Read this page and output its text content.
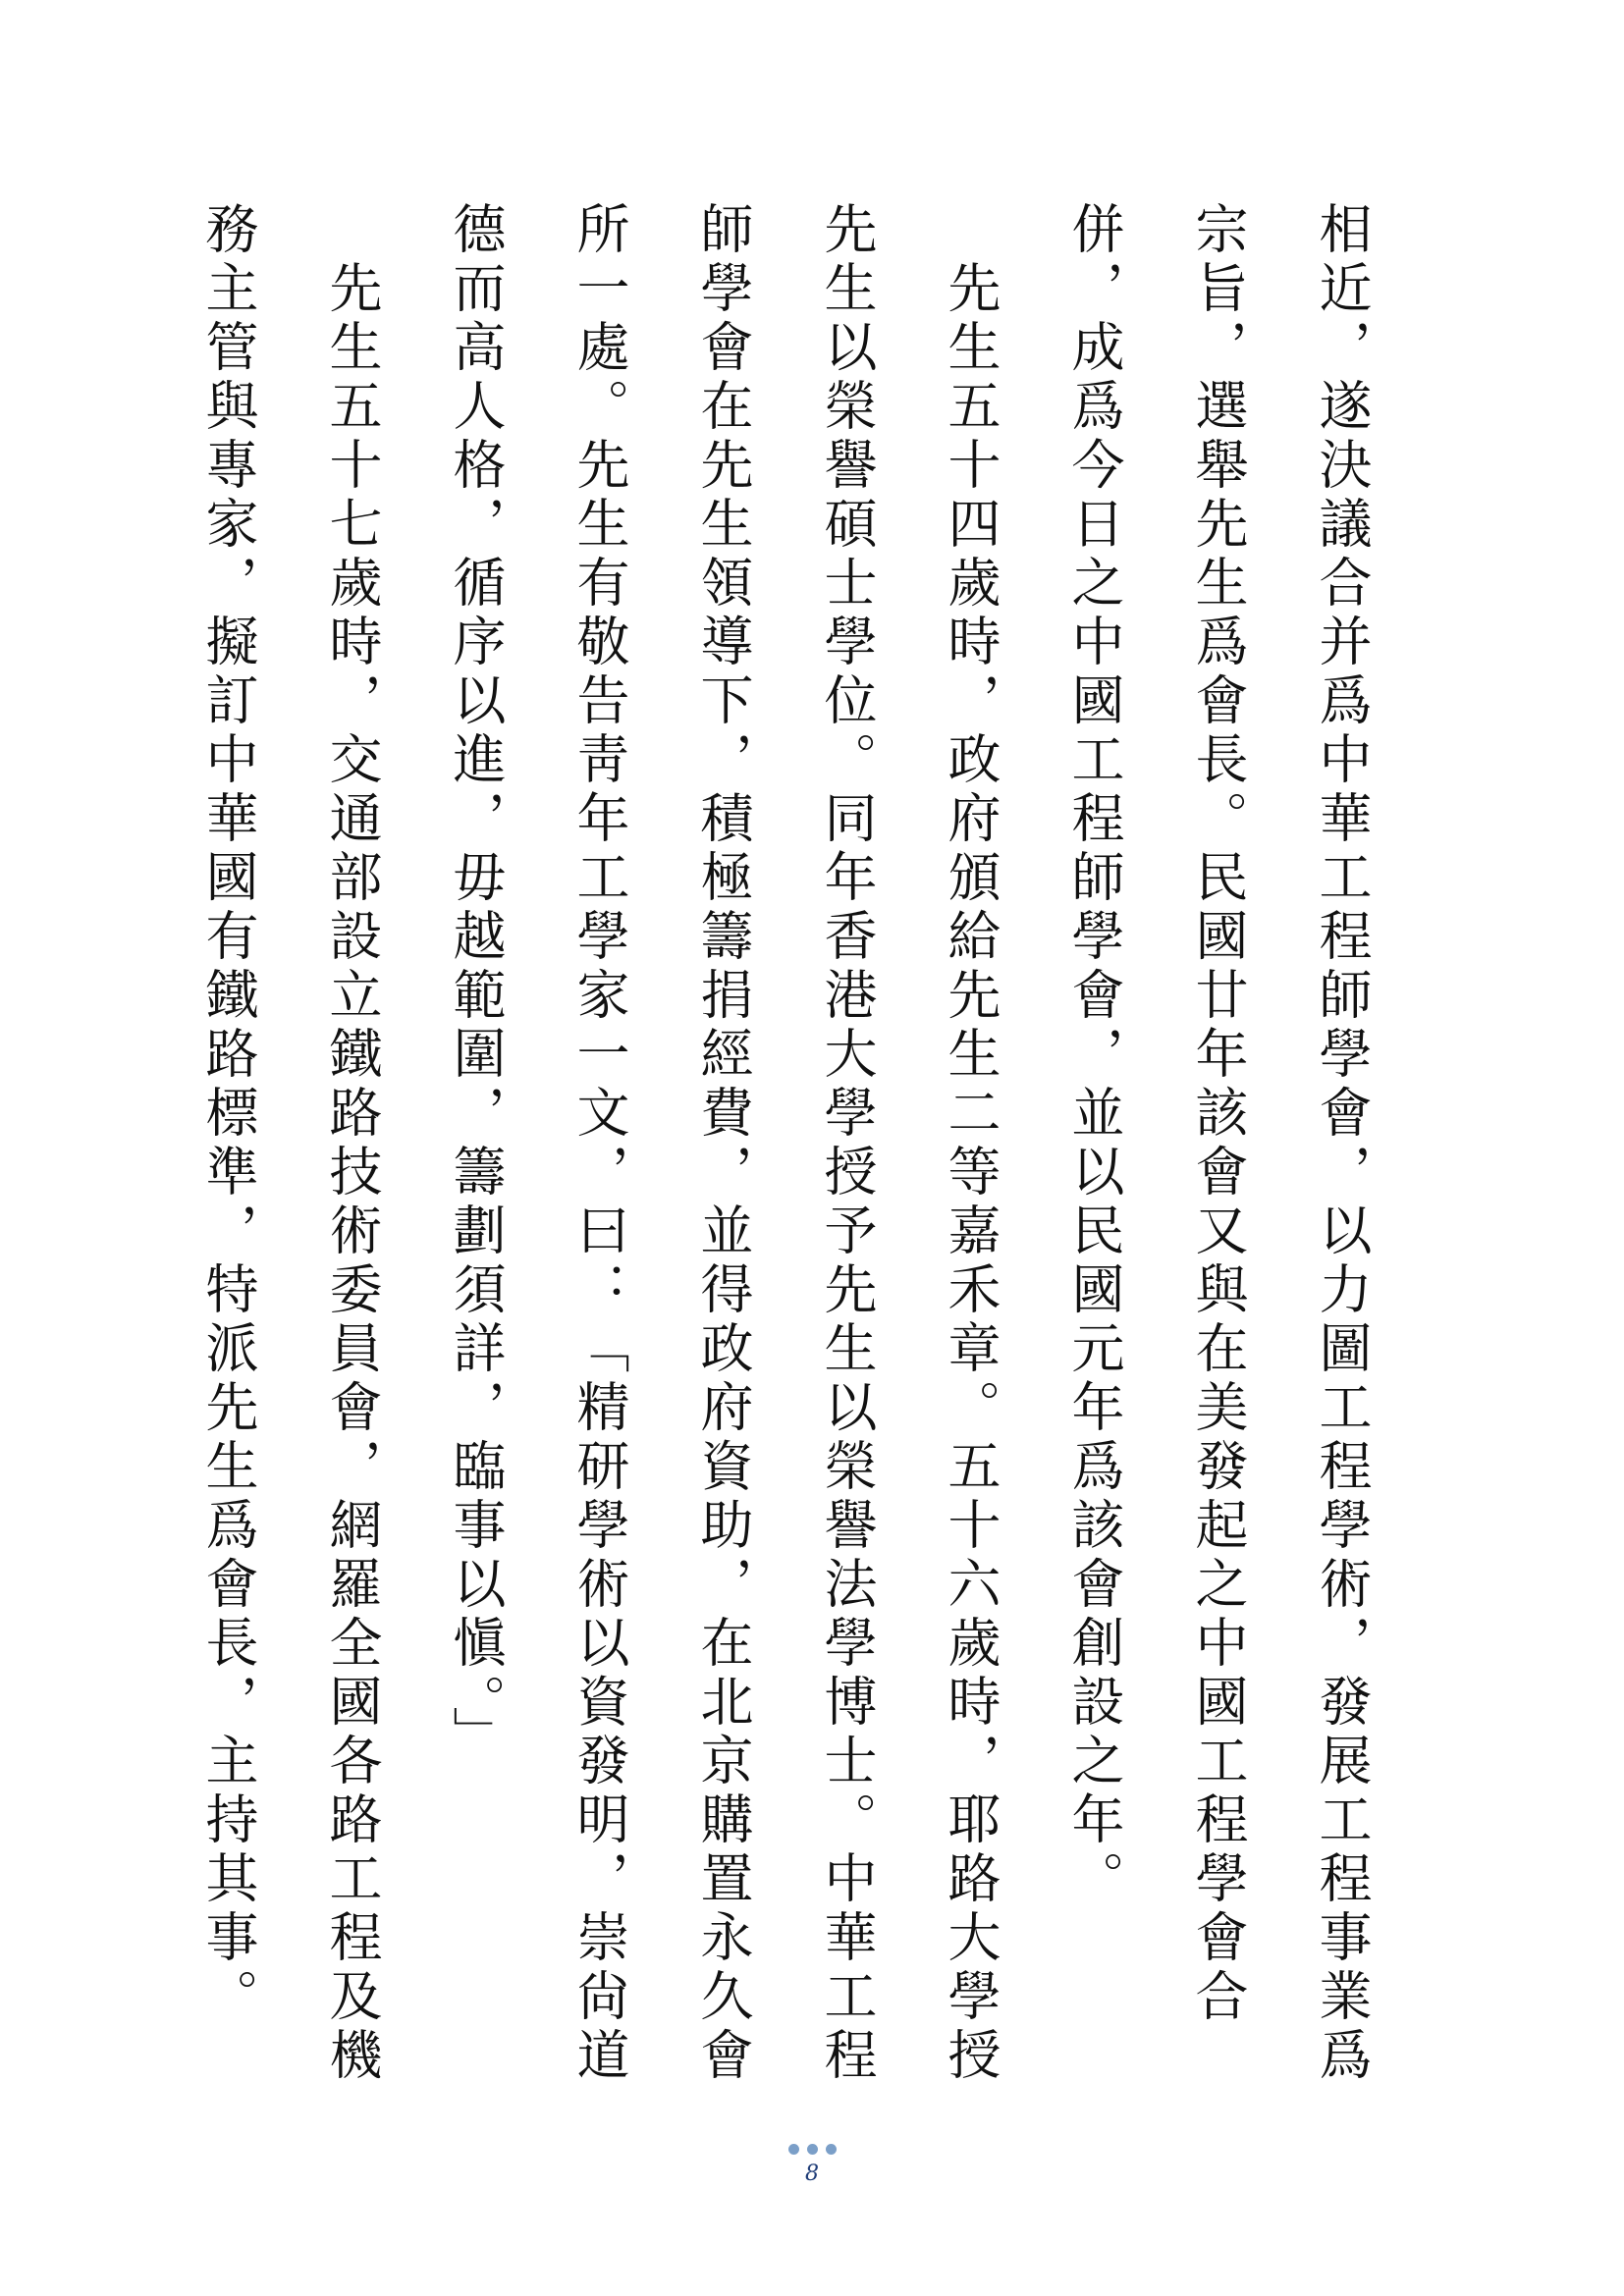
相近，遂決議合并爲中華工程師學會，以力圖工程學術，發展工程事業爲宗旨，選舉先生爲會長。民國廿年該會又與在美發起之中國工程學會合併，成爲今日之中國工程師學會，並以民國元年爲該會創設之年。

　先生五十四歲時，政府頒給先生二等嘉禾章。五十六歲時，耶路大學授先生以榮譽碩士學位。同年香港大學授予先生以榮譽法學博士。中華工程師學會在先生領導下，積極籌捐經費，並得政府資助，在北京購置永久會所一處。先生有敬告靑年工學家一文，曰：「精研學術以資發明，崇尙道德而高人格，循序以進，毋越範圍，籌劃須詳，臨事以愼。」

　先生五十七歲時，交通部設立鐵路技術委員會，網羅全國各路工程及機務主管與專家，擬訂中華國有鐵路標準，特派先生爲會長，主持其事。

8
